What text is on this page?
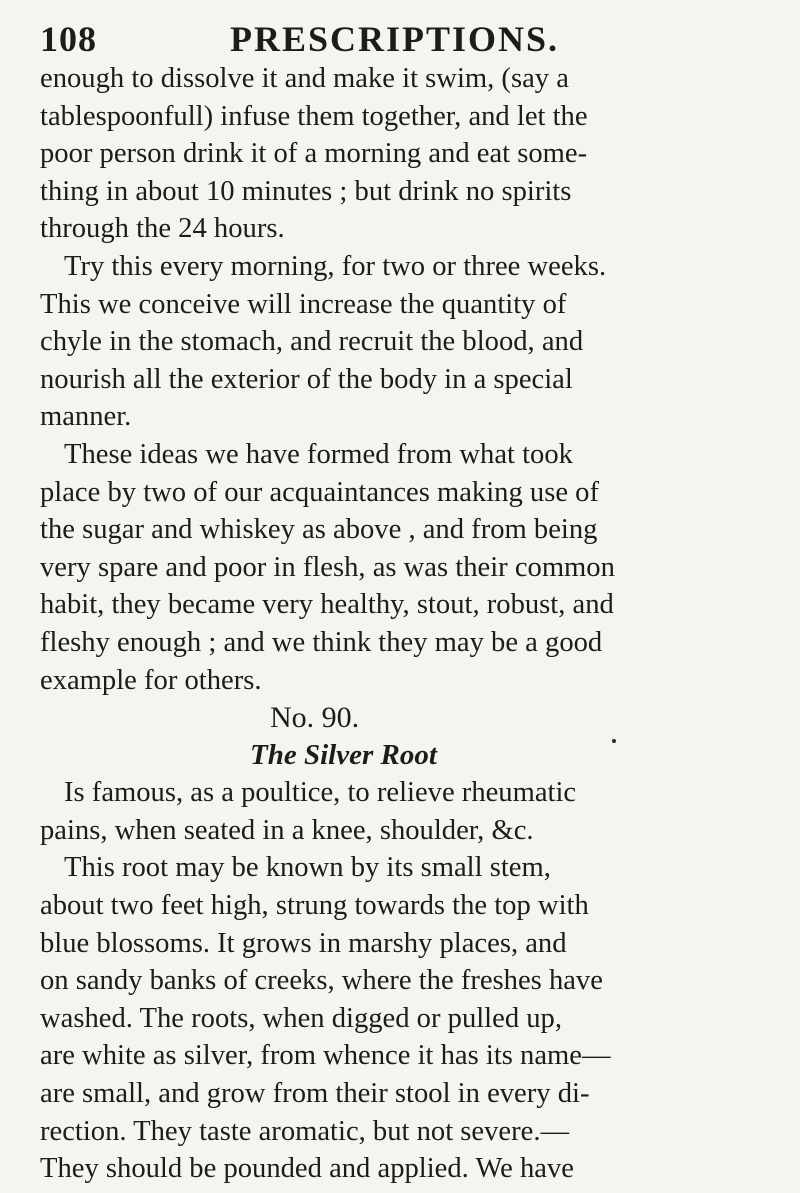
108	PRESCRIPTIONS.
enough to dissolve it and make it swim, (say a
tablespoonfull) infuse them together, and let the
poor person drink it of a morning and eat some-
thing in about 10 minutes ; but drink no spirits
through the 24 hours.
Try this every morning, for two or three weeks.
This we conceive will increase the quantity of
chyle in the stomach, and recruit the blood, and
nourish all the exterior of the body in a special
manner.
These ideas we have formed from what took
place by two of our acquaintances making use of
the sugar and whiskey as above , and from being
very spare and poor in flesh, as was their common
habit, they became very healthy, stout, robust, and
fleshy enough ; and we think they may be a good
example for others.
No. 90.
The Silver Root
Is famous, as a poultice, to relieve rheumatic
pains, when seated in a knee, shoulder, &c.
This root may be known by its small stem,
about two feet high, strung towards the top with
blue blossoms. It grows in marshy places, and
on sandy banks of creeks, where the freshes have
washed. The roots, when digged or pulled up,
are white as silver, from whence it has its name—
are small, and grow from their stool in every di-
rection. They taste aromatic, but not severe.—
They should be pounded and applied. We have
